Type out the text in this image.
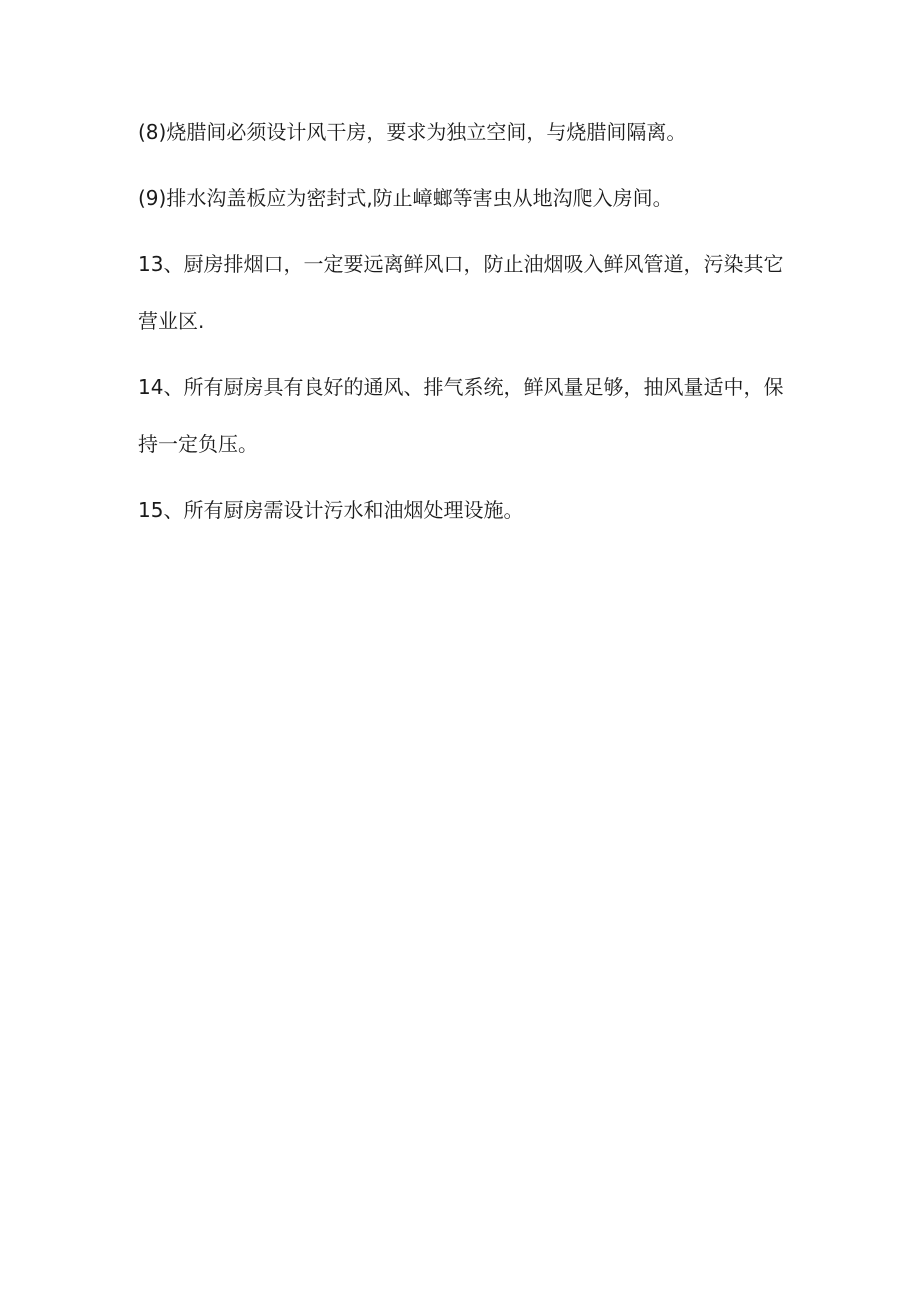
(8)烧腊间必须设计风干房，要求为独立空间，与烧腊间隔离。

(9)排水沟盖板应为密封式,防止嶂螂等害虫从地沟爬入房间。

13、厨房排烟口，一定要远离鲜风口，防止油烟吸入鲜风管道，污染其它营业区.

14、所有厨房具有良好的通风、排气系统，鲜风量足够，抽风量适中，保持一定负压。

15、所有厨房需设计污水和油烟处理设施。
